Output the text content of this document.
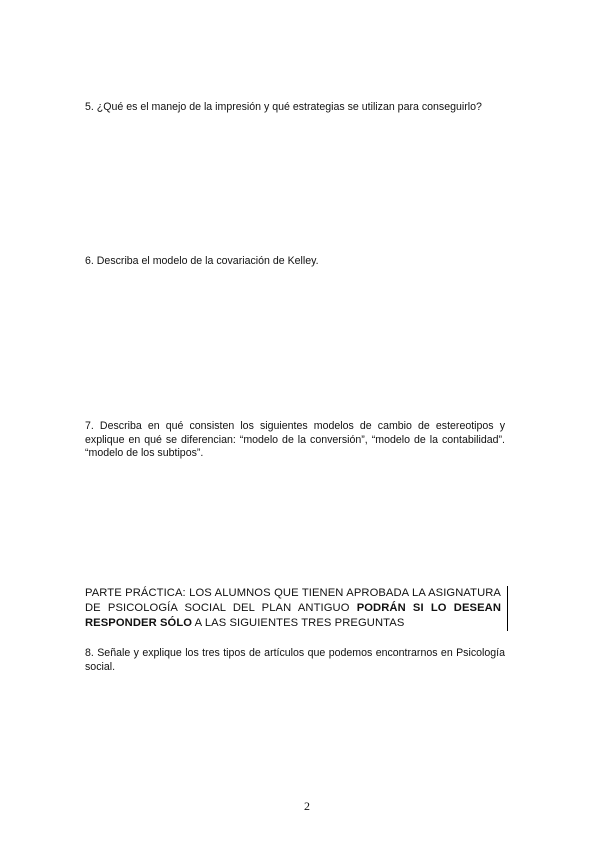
5. ¿Qué es el manejo de la impresión y qué estrategias se utilizan para conseguirlo?
6. Describa el modelo de la covariación de Kelley.
7. Describa en qué consisten los siguientes modelos de cambio de estereotipos y explique en qué se diferencian: “modelo de la conversión”, “modelo de la contabilidad”. “modelo de los subtipos”.
PARTE PRÁCTICA: LOS ALUMNOS QUE TIENEN APROBADA LA ASIGNATURA DE PSICOLOGÍA SOCIAL DEL PLAN ANTIGUO PODRÁN SI LO DESEAN RESPONDER SÓLO A LAS SIGUIENTES TRES PREGUNTAS
8. Señale y explique los tres tipos de artículos que podemos encontrarnos en Psicología social.
2
